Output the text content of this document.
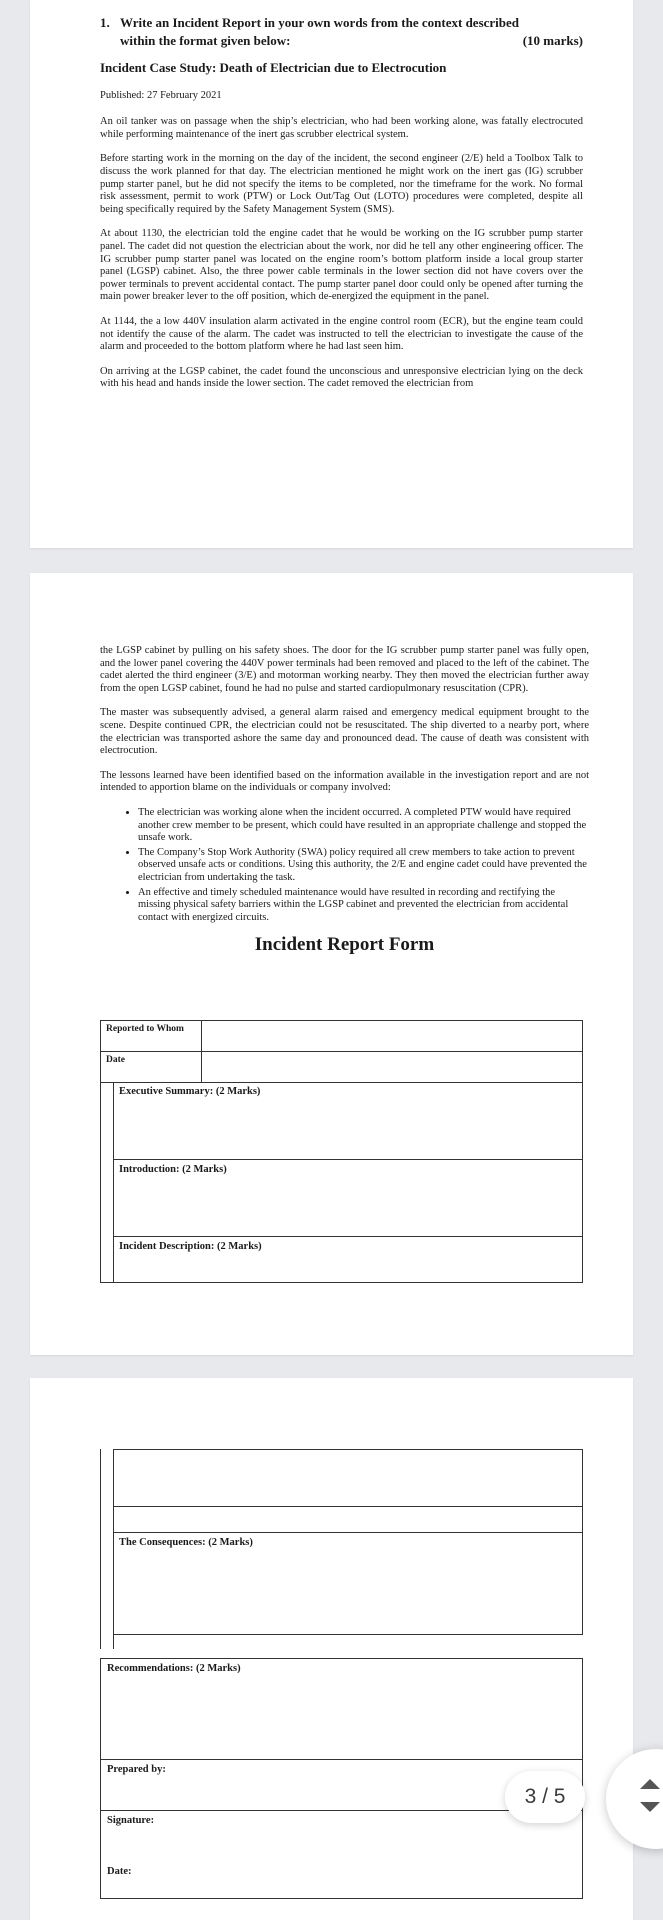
1. Write an Incident Report in your own words from the context described
within the format given below:	(10 marks)
Incident Case Study: Death of Electrician due to Electrocution
Published: 27 February 2021

An oil tanker was on passage when the ship’s electrician, who had been working alone, was fatally electrocuted while performing maintenance of the inert gas scrubber electrical system.

Before starting work in the morning on the day of the incident, the second engineer (2/E) held a Toolbox Talk to discuss the work planned for that day. The electrician mentioned he might work on the inert gas (IG) scrubber pump starter panel, but he did not specify the items to be completed, nor the timeframe for the work. No formal risk assessment, permit to work (PTW) or Lock Out/Tag Out (LOTO) procedures were completed, despite all being specifically required by the Safety Management System (SMS).

At about 1130, the electrician told the engine cadet that he would be working on the IG scrubber pump starter panel. The cadet did not question the electrician about the work, nor did he tell any other engineering officer. The IG scrubber pump starter panel was located on the engine room’s bottom platform inside a local group starter panel (LGSP) cabinet. Also, the three power cable terminals in the lower section did not have covers over the power terminals to prevent accidental contact. The pump starter panel door could only be opened after turning the main power breaker lever to the off position, which de-energized the equipment in the panel.

At 1144, the a low 440V insulation alarm activated in the engine control room (ECR), but the engine team could not identify the cause of the alarm. The cadet was instructed to tell the electrician to investigate the cause of the alarm and proceeded to the bottom platform where he had last seen him.

On arriving at the LGSP cabinet, the cadet found the unconscious and unresponsive electrician lying on the deck with his head and hands inside the lower section. The cadet removed the electrician from

the LGSP cabinet by pulling on his safety shoes. The door for the IG scrubber pump starter panel was fully open, and the lower panel covering the 440V power terminals had been removed and placed to the left of the cabinet. The cadet alerted the third engineer (3/E) and motorman working nearby. They then moved the electrician further away from the open LGSP cabinet, found he had no pulse and started cardiopulmonary resuscitation (CPR).

The master was subsequently advised, a general alarm raised and emergency medical equipment brought to the scene. Despite continued CPR, the electrician could not be resuscitated. The ship diverted to a nearby port, where the electrician was transported ashore the same day and pronounced dead. The cause of death was consistent with electrocution.

The lessons learned have been identified based on the information available in the investigation report and are not intended to apportion blame on the individuals or company involved:

• The electrician was working alone when the incident occurred. A completed PTW would have required another crew member to be present, which could have resulted in an appropriate challenge and stopped the unsafe work.
• The Company’s Stop Work Authority (SWA) policy required all crew members to take action to prevent observed unsafe acts or conditions. Using this authority, the 2/E and engine cadet could have prevented the electrician from undertaking the task.
• An effective and timely scheduled maintenance would have resulted in recording and rectifying the missing physical safety barriers within the LGSP cabinet and prevented the electrician from accidental contact with energized circuits.
Incident Report Form
Reported to Whom	
Date	
Executive Summary: (2 Marks)
Introduction: (2 Marks)
Incident Description: (2 Marks)
The Consequences: (2 Marks)
Recommendations: (2 Marks)
Prepared by:
Signature:
Date:
3 / 5
